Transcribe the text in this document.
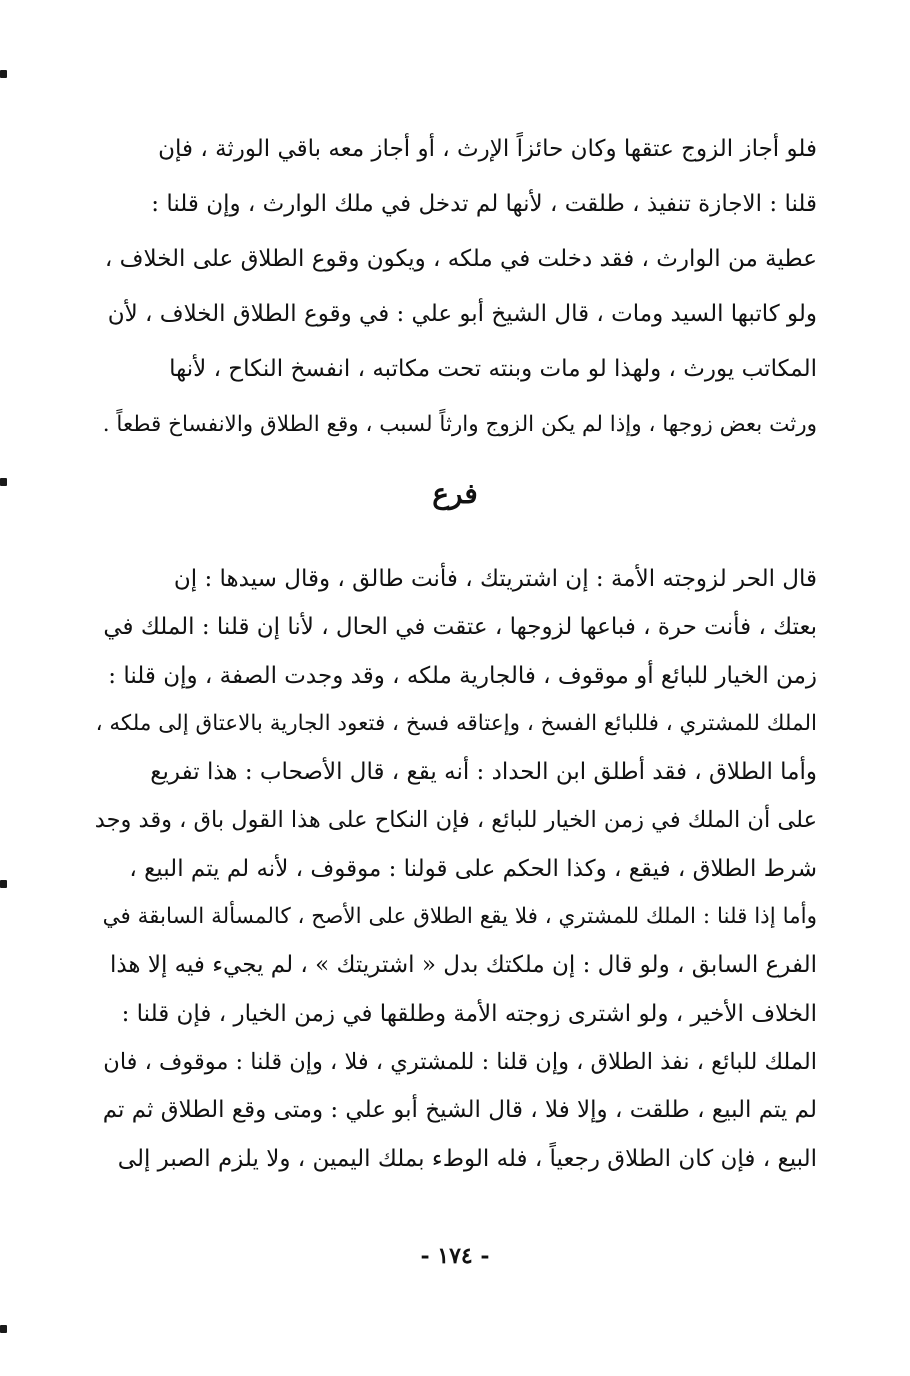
فلو أجاز الزوج عتقها وكان حائزاً الإرث ، أو أجاز معه باقي الورثة ، فإن
قلنا : الاجازة تنفيذ ، طلقت ، لأنها لم تدخل في ملك الوارث ، وإن قلنا :
عطية من الوارث ، فقد دخلت في ملكه ، ويكون وقوع الطلاق على الخلاف ،
ولو كاتبها السيد ومات ، قال الشيخ أبو علي : في وقوع الطلاق الخلاف ، لأن
المكاتب يورث ، ولهذا لو مات وبنته تحت مكاتبه ، انفسخ النكاح ، لأنها
ورثت بعض زوجها ، وإذا لم يكن الزوج وارثاً لسبب ، وقع الطلاق والانفساخ قطعاً .
فرع
قال الحر لزوجته الأمة : إن اشتريتك ، فأنت طالق ، وقال سيدها : إن
بعتك ، فأنت حرة ، فباعها لزوجها ، عتقت في الحال ، لأنا إن قلنا : الملك في
زمن الخيار للبائع أو موقوف ، فالجارية ملكه ، وقد وجدت الصفة ، وإن قلنا :
الملك للمشتري ، فللبائع الفسخ ، وإعتاقه فسخ ، فتعود الجارية بالاعتاق إلى ملكه ،
وأما الطلاق ، فقد أطلق ابن الحداد : أنه يقع ، قال الأصحاب : هذا تفريع
على أن الملك في زمن الخيار للبائع ، فإن النكاح على هذا القول باق ، وقد وجد
شرط الطلاق ، فيقع ، وكذا الحكم على قولنا : موقوف ، لأنه لم يتم البيع ،
وأما إذا قلنا : الملك للمشتري ، فلا يقع الطلاق على الأصح ، كالمسألة السابقة في
الفرع السابق ، ولو قال : إن ملكتك بدل « اشتريتك » ، لم يجيء فيه إلا هذا
الخلاف الأخير ، ولو اشترى زوجته الأمة وطلقها في زمن الخيار ، فإن قلنا :
الملك للبائع ، نفذ الطلاق ، وإن قلنا : للمشتري ، فلا ، وإن قلنا : موقوف ، فان
لم يتم البيع ، طلقت ، وإلا فلا ، قال الشيخ أبو علي : ومتى وقع الطلاق ثم تم
البيع ، فإن كان الطلاق رجعياً ، فله الوطء بملك اليمين ، ولا يلزم الصبر إلى
- ١٧٤ -
